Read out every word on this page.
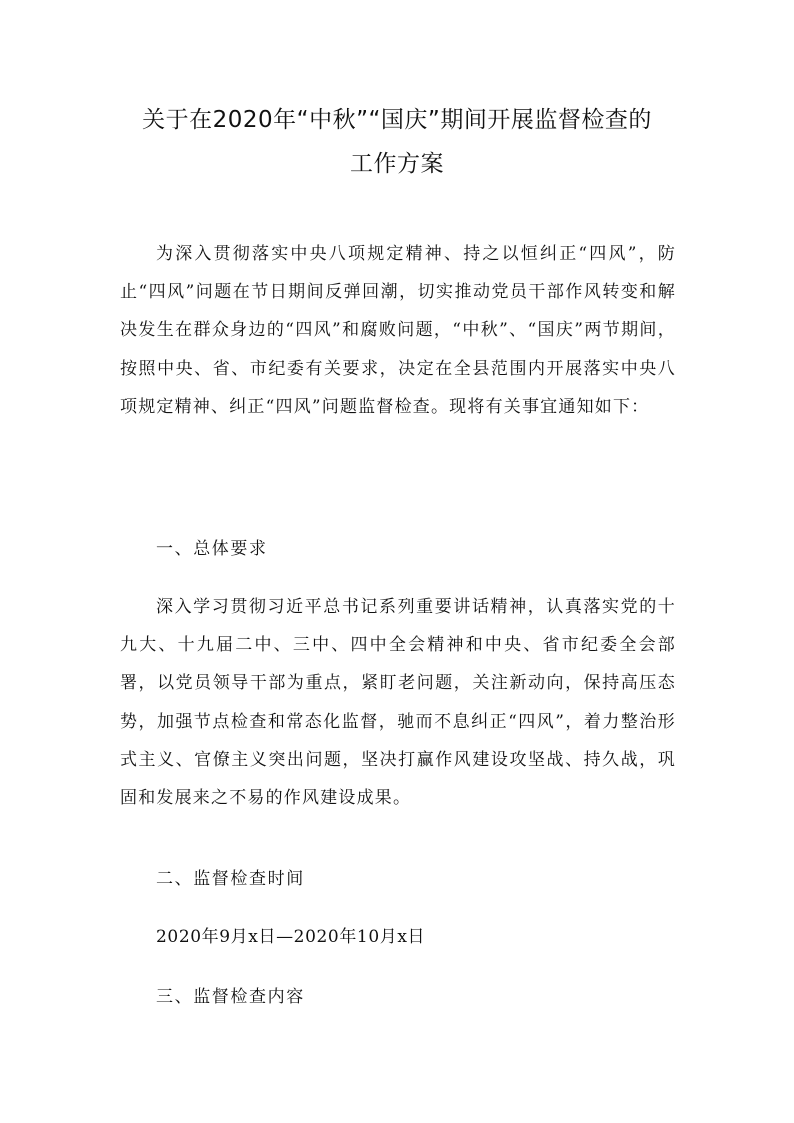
关于在2020年“中秋”“国庆”期间开展监督检查的
工作方案
为深入贯彻落实中央八项规定精神、持之以恒纠正“四风”，防止“四风”问题在节日期间反弹回潮，切实推动党员干部作风转变和解决发生在群众身边的“四风”和腐败问题，“中秋”、“国庆”两节期间，按照中央、省、市纪委有关要求，决定在全县范围内开展落实中央八项规定精神、纠正“四风”问题监督检查。现将有关事宜通知如下：
一、总体要求
深入学习贯彻习近平总书记系列重要讲话精神，认真落实党的十九大、十九届二中、三中、四中全会精神和中央、省市纪委全会部署，以党员领导干部为重点，紧盯老问题，关注新动向，保持高压态势，加强节点检查和常态化监督，驰而不息纠正“四风”，着力整治形式主义、官僚主义突出问题，坚决打赢作风建设攻坚战、持久战，巩固和发展来之不易的作风建设成果。
二、监督检查时间
2020年9月x日—2020年10月x日
三、监督检查内容
